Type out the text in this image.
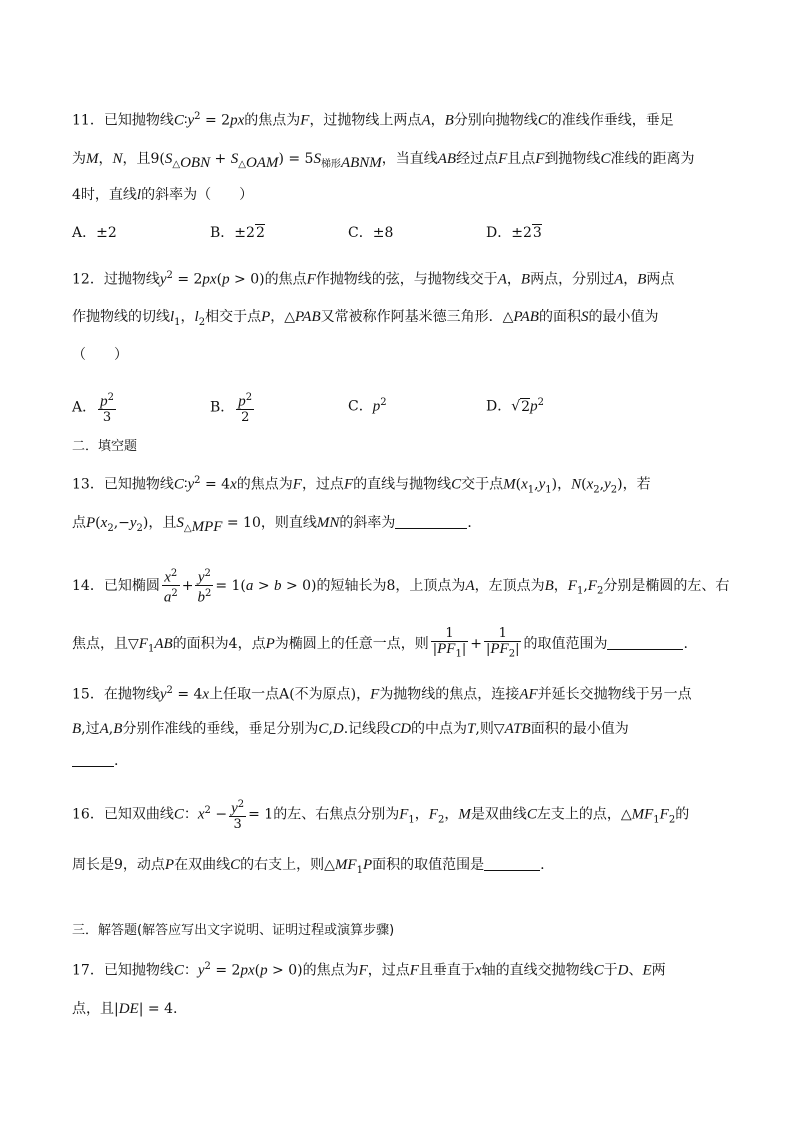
11．已知抛物线$C∶y^2 = 2px$的焦点为F，过抛物线上两点A，B分别向抛物线C的准线作垂线，垂足
为M，N，且$9(S_{\triangle OBN} + S_{\triangle OAM}) = 5S_{梯形ABNM}$，当直线AB经过点F且点F到抛物线C准线的距离为
4时，直线l的斜率为（　　）
A．±2	B．±22	C．±8	D．±23
12．过抛物线$y^2 = 2px(p > 0)$的焦点F作抛物线的弦，与抛物线交于A，B两点，分别过A，B两点
作抛物线的切线$l_1$，$l_2$相交于点P，△PAB又常被称作阿基米德三角形．△PAB的面积S的最小值为
（　　）
A． $\frac{p^2}{3}$	B． $\frac{p^2}{2}$	C．$p^2$	D．$√2p^2$
二．填空题
13．已知抛物线$C∶y^2 = 4x$的焦点为F，过点F的直线与抛物线C交于点$M(x_1,y_1)$，$N(x_2,y_2)$，若
点$P(x_2,-y_2)$，且$S_{\triangle MPF} = 10$，则直线MN的斜率为	．
14．已知椭圆 $\frac{x^2}{a^2} + \frac{y^2}{b^2} = 1(a > b > 0)$的短轴长为8，上顶点为A，左顶点为B，$F_1,F_2$分别是椭圆的左、右
焦点，且$▽F_1AB$的面积为4，点P为椭圆上的任意一点，则 $\frac{1}{|PF_1|} + \frac{1}{|PF_2|}$ 的取值范围为	.
15．在抛物线$y^2 = 4x$上任取一点A(不为原点)，F为抛物线的焦点，连接AF并延长交抛物线于另一点
B,过A,B分别作准线的垂线，垂足分别为C,D.记线段CD的中点为T,则▽ATB面积的最小值为
.
16．已知双曲线C：$x^2 - \frac{y^2}{3} = 1$的左、右焦点分别为$F_1$，$F_2$，M是双曲线C左支上的点，$\triangle MF_1F_2$的
周长是9，动点P在双曲线C的右支上，则$\triangle MF_1P$面积的取值范围是	.
三．解答题(解答应写出文字说明、证明过程或演算步骤)
17．已知抛物线C：$y^2 = 2px(p > 0)$的焦点为F，过点F且垂直于x轴的直线交抛物线C于D、E两
点，且|DE| = 4.
